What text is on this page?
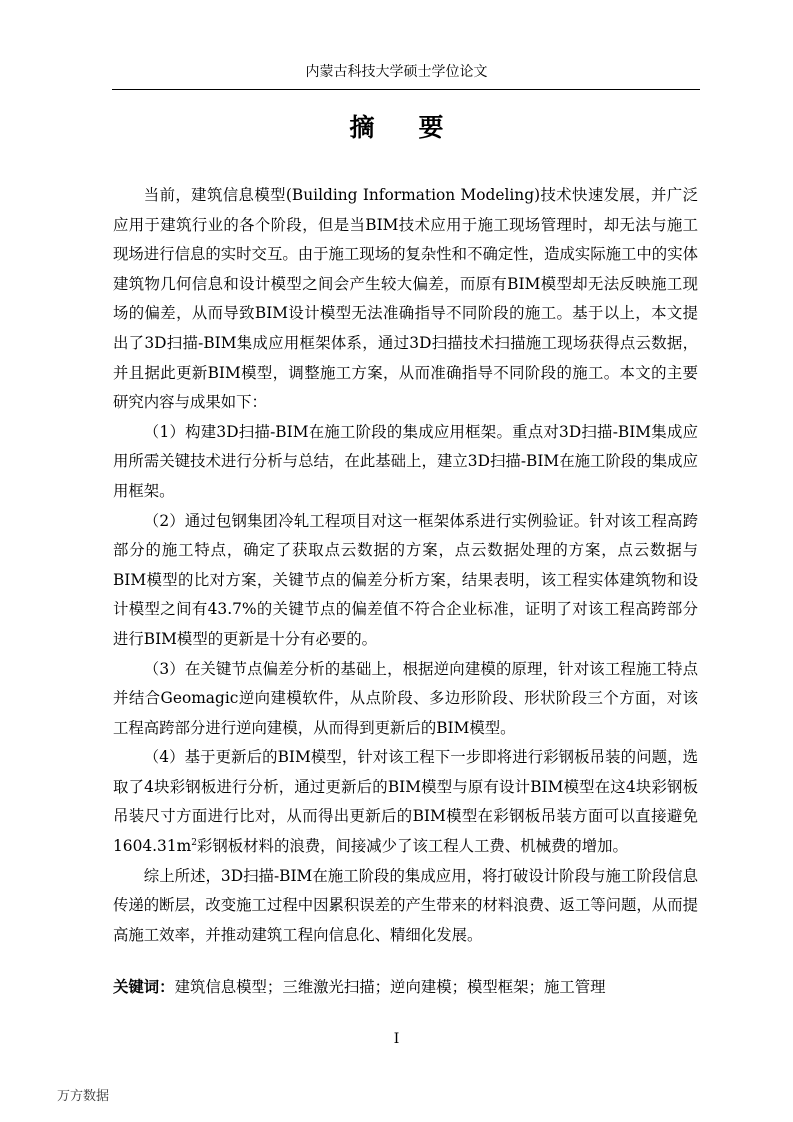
内蒙古科技大学硕士学位论文
摘 要

当前，建筑信息模型(Building Information Modeling)技术快速发展，并广泛应用于建筑行业的各个阶段，但是当BIM技术应用于施工现场管理时，却无法与施工现场进行信息的实时交互。由于施工现场的复杂性和不确定性，造成实际施工中的实体建筑物几何信息和设计模型之间会产生较大偏差，而原有BIM模型却无法反映施工现场的偏差，从而导致BIM设计模型无法准确指导不同阶段的施工。基于以上，本文提出了3D扫描-BIM集成应用框架体系，通过3D扫描技术扫描施工现场获得点云数据，并且据此更新BIM模型，调整施工方案，从而准确指导不同阶段的施工。本文的主要研究内容与成果如下：

（1）构建3D扫描-BIM在施工阶段的集成应用框架。重点对3D扫描-BIM集成应用所需关键技术进行分析与总结，在此基础上，建立3D扫描-BIM在施工阶段的集成应用框架。

（2）通过包钢集团冷轧工程项目对这一框架体系进行实例验证。针对该工程高跨部分的施工特点，确定了获取点云数据的方案，点云数据处理的方案，点云数据与BIM模型的比对方案，关键节点的偏差分析方案，结果表明，该工程实体建筑物和设计模型之间有43.7%的关键节点的偏差值不符合企业标准，证明了对该工程高跨部分进行BIM模型的更新是十分有必要的。

（3）在关键节点偏差分析的基础上，根据逆向建模的原理，针对该工程施工特点并结合Geomagic逆向建模软件，从点阶段、多边形阶段、形状阶段三个方面，对该工程高跨部分进行逆向建模，从而得到更新后的BIM模型。

（4）基于更新后的BIM模型，针对该工程下一步即将进行彩钢板吊装的问题，选取了4块彩钢板进行分析，通过更新后的BIM模型与原有设计BIM模型在这4块彩钢板吊装尺寸方面进行比对，从而得出更新后的BIM模型在彩钢板吊装方面可以直接避免$1604.31m^2$彩钢板材料的浪费，间接减少了该工程人工费、机械费的增加。

综上所述，3D扫描-BIM在施工阶段的集成应用，将打破设计阶段与施工阶段信息传递的断层，改变施工过程中因累积误差的产生带来的材料浪费、返工等问题，从而提高施工效率，并推动建筑工程向信息化、精细化发展。

关键词：建筑信息模型；三维激光扫描；逆向建模；模型框架；施工管理
I
万方数据
